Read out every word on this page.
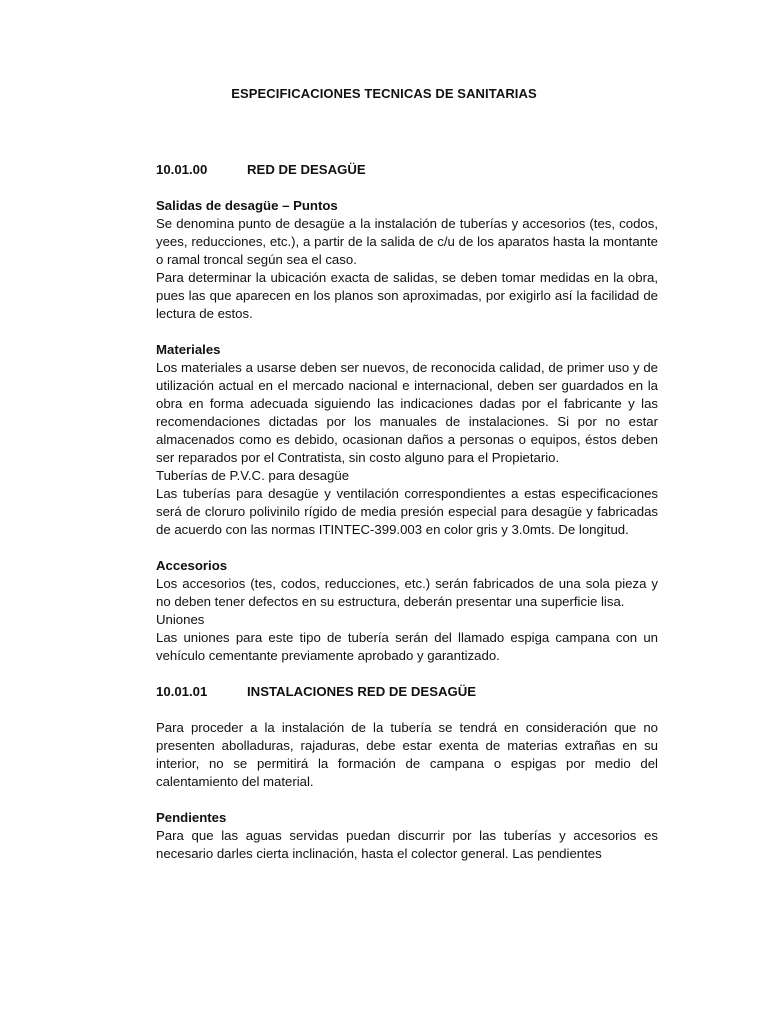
ESPECIFICACIONES TECNICAS DE SANITARIAS
10.01.00	RED DE DESAGÜE

Salidas de desagüe – Puntos

Se denomina punto de desagüe a la instalación de tuberías y accesorios (tes, codos, yees, reducciones, etc.), a partir de la salida de c/u de los aparatos hasta la montante o ramal troncal según sea el caso.

Para determinar la ubicación exacta de salidas, se deben tomar medidas en la obra, pues las que aparecen en los planos son aproximadas, por exigirlo así la facilidad de lectura de estos.

Materiales

Los materiales a usarse deben ser nuevos, de reconocida calidad, de primer uso y de utilización actual en el mercado nacional e internacional, deben ser guardados en la obra en forma adecuada siguiendo las indicaciones dadas por el fabricante y las recomendaciones dictadas por los manuales de instalaciones. Si por no estar almacenados como es debido, ocasionan daños a personas o equipos, éstos deben ser reparados por el Contratista, sin costo alguno para el Propietario.

Tuberías de P.V.C. para desagüe

Las tuberías para desagüe y ventilación correspondientes a estas especificaciones será de cloruro polivinilo rígido de media presión especial para desagüe y fabricadas de acuerdo con las normas ITINTEC-399.003 en color gris y 3.0mts. De longitud.

Accesorios

Los accesorios (tes, codos, reducciones, etc.) serán fabricados de una sola pieza y no deben tener defectos en su estructura, deberán presentar una superficie lisa.

Uniones

Las uniones para este tipo de tubería serán del llamado espiga campana con un vehículo cementante previamente aprobado y garantizado.

10.01.01	INSTALACIONES RED DE DESAGÜE

Para proceder a la instalación de la tubería se tendrá en consideración que no presenten abolladuras, rajaduras, debe estar exenta de materias extrañas en su interior, no se permitirá la formación de campana o espigas por medio del calentamiento del material.

Pendientes

Para que las aguas servidas puedan discurrir por las tuberías y accesorios es necesario darles cierta inclinación, hasta el colector general. Las pendientes
